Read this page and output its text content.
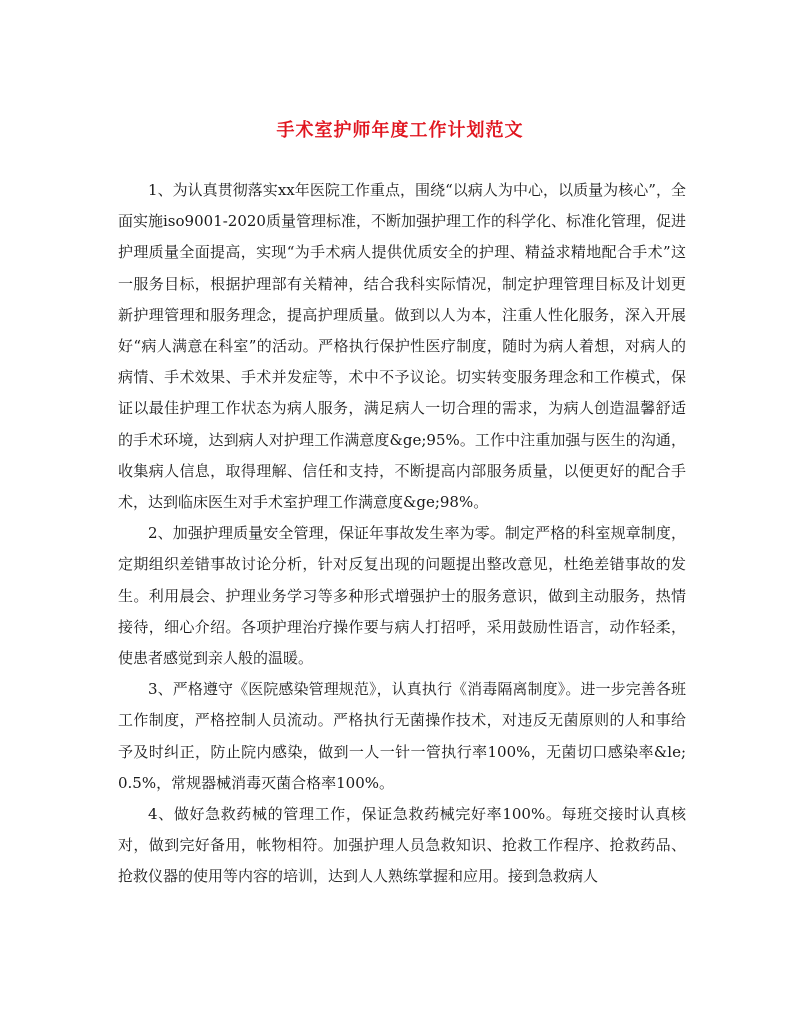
手术室护师年度工作计划范文

1、为认真贯彻落实xx年医院工作重点，围绕“以病人为中心，以质量为核心”，全面实施iso9001-2020质量管理标准，不断加强护理工作的科学化、标准化管理，促进护理质量全面提高，实现“为手术病人提供优质安全的护理、精益求精地配合手术”这一服务目标，根据护理部有关精神，结合我科实际情况，制定护理管理目标及计划更新护理管理和服务理念，提高护理质量。做到以人为本，注重人性化服务，深入开展好“病人满意在科室”的活动。严格执行保护性医疗制度，随时为病人着想，对病人的病情、手术效果、手术并发症等，术中不予议论。切实转变服务理念和工作模式，保证以最佳护理工作状态为病人服务，满足病人一切合理的需求，为病人创造温馨舒适的手术环境，达到病人对护理工作满意度&ge;95%。工作中注重加强与医生的沟通，收集病人信息，取得理解、信任和支持，不断提高内部服务质量，以便更好的配合手术，达到临床医生对手术室护理工作满意度&ge;98%。

2、加强护理质量安全管理，保证年事故发生率为零。制定严格的科室规章制度，定期组织差错事故讨论分析，针对反复出现的问题提出整改意见，杜绝差错事故的发生。利用晨会、护理业务学习等多种形式增强护士的服务意识，做到主动服务，热情接待，细心介绍。各项护理治疗操作要与病人打招呼，采用鼓励性语言，动作轻柔，使患者感觉到亲人般的温暖。

3、严格遵守《医院感染管理规范》，认真执行《消毒隔离制度》。进一步完善各班工作制度，严格控制人员流动。严格执行无菌操作技术，对违反无菌原则的人和事给予及时纠正，防止院内感染，做到一人一针一管执行率100%，无菌切口感染率&le;0.5%，常规器械消毒灭菌合格率100%。

4、做好急救药械的管理工作，保证急救药械完好率100%。每班交接时认真核对，做到完好备用，帐物相符。加强护理人员急救知识、抢救工作程序、抢救药品、抢救仪器的使用等内容的培训，达到人人熟练掌握和应用。接到急救病人
